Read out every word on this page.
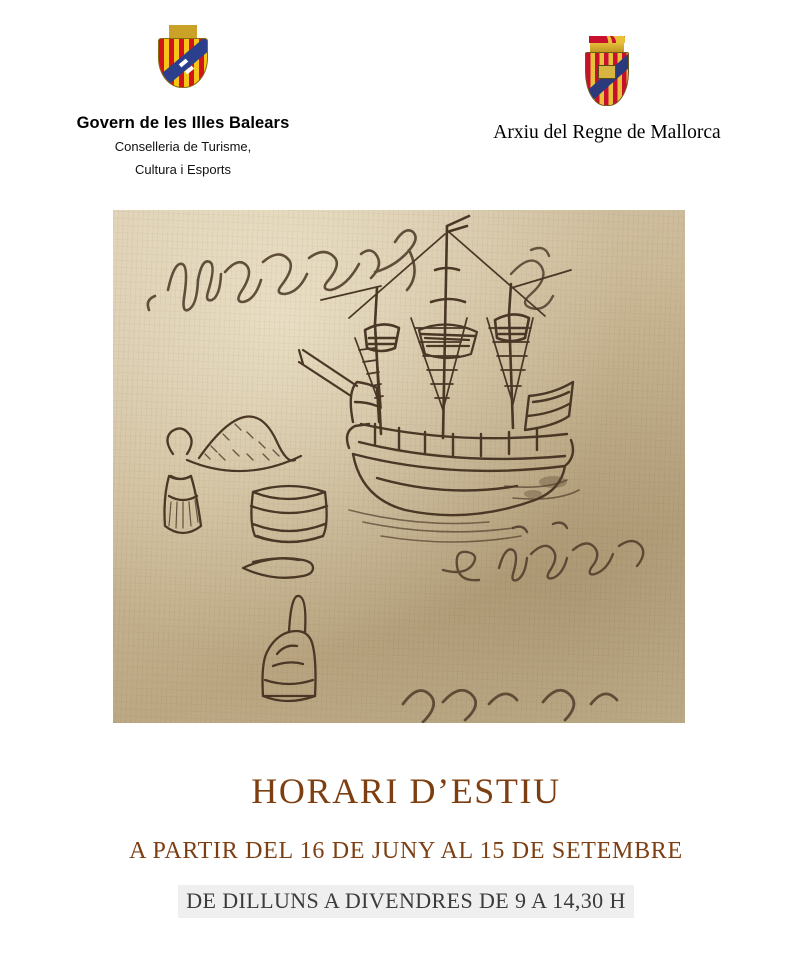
Govern de les Illes Balears
Conselleria de Turisme,
Cultura i Esports
Arxiu del Regne de Mallorca
HORARI D’ESTIU
A PARTIR DEL 16 DE JUNY AL 15 DE SETEMBRE
DE DILLUNS A DIVENDRES DE 9 A 14,30 H
